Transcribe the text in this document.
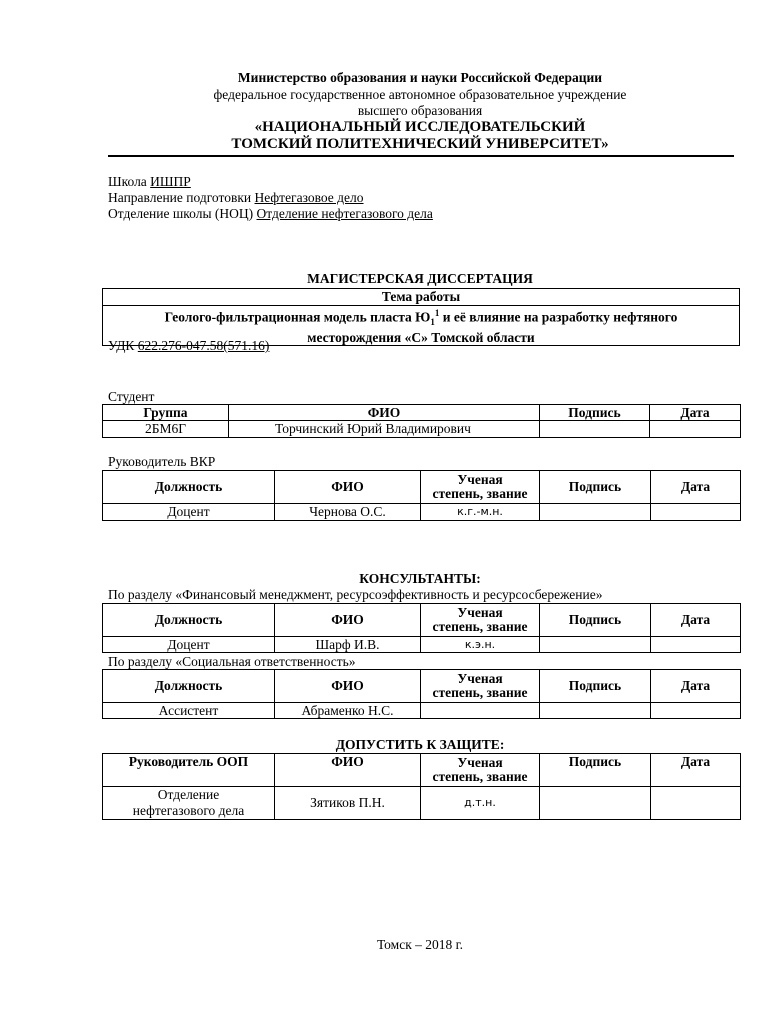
Министерство образования и науки Российской Федерации
федеральное государственное автономное образовательное учреждение
высшего образования
«НАЦИОНАЛЬНЫЙ ИССЛЕДОВАТЕЛЬСКИЙ
ТОМСКИЙ ПОЛИТЕХНИЧЕСКИЙ УНИВЕРСИТЕТ»
Школа ИШПР
Направление подготовки Нефтегазовое дело
Отделение школы (НОЦ) Отделение нефтегазового дела
МАГИСТЕРСКАЯ ДИССЕРТАЦИЯ
Тема работы
Геолого-фильтрационная модель пласта $Ю_1^1$ и её влияние на разработку нефтяного
месторождения «С» Томской области
УДК 622.276-047.58(571.16)
Студент
Группа	ФИО	Подпись	Дата
2БМ6Г	Торчинский Юрий Владимирович		
Руководитель ВКР
Должность	ФИО	Ученая
степень, звание	Подпись	Дата
Доцент	Чернова О.С.	к.г.-м.н.		
КОНСУЛЬТАНТЫ:
По разделу «Финансовый менеджмент, ресурсоэффективность и ресурсосбережение»
Должность	ФИО	Ученая
степень, звание	Подпись	Дата
Доцент	Шарф И.В.	к.э.н.		
По разделу «Социальная ответственность»
Должность	ФИО	Ученая
степень, звание	Подпись	Дата
Ассистент	Абраменко Н.С.			
ДОПУСТИТЬ К ЗАЩИТЕ:
Руководитель ООП	ФИО	Ученая
степень, звание	Подпись	Дата
Отделение
нефтегазового дела	Зятиков П.Н.	д.т.н.		
Томск – 2018 г.
